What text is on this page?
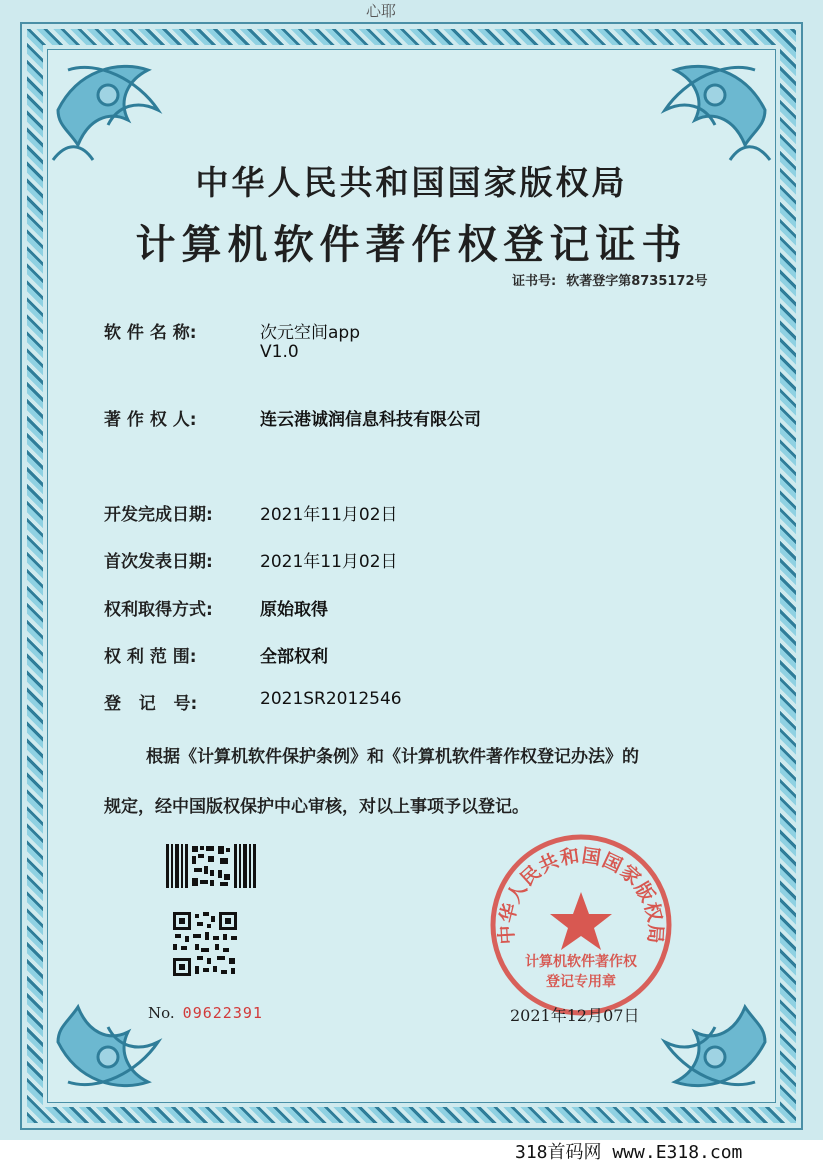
心耶
中华人民共和国国家版权局
计算机软件著作权登记证书
证书号: 软著登字第8735172号
软 件 名 称:	次元空间app
V1.0
著 作 权 人:	连云港诚润信息科技有限公司
开发完成日期:	2021年11月02日
首次发表日期:	2021年11月02日
权利取得方式:	原始取得
权 利 范 围:	全部权利
登   记   号:	2021SR2012546
根据《计算机软件保护条例》和《计算机软件著作权登记办法》的
规定，经中国版权保护中心审核，对以上事项予以登记。
No. 09622391
中华人民共和国国家版权局
计算机软件著作权
登记专用章
2021年12月07日
318首码网 www.E318.com
